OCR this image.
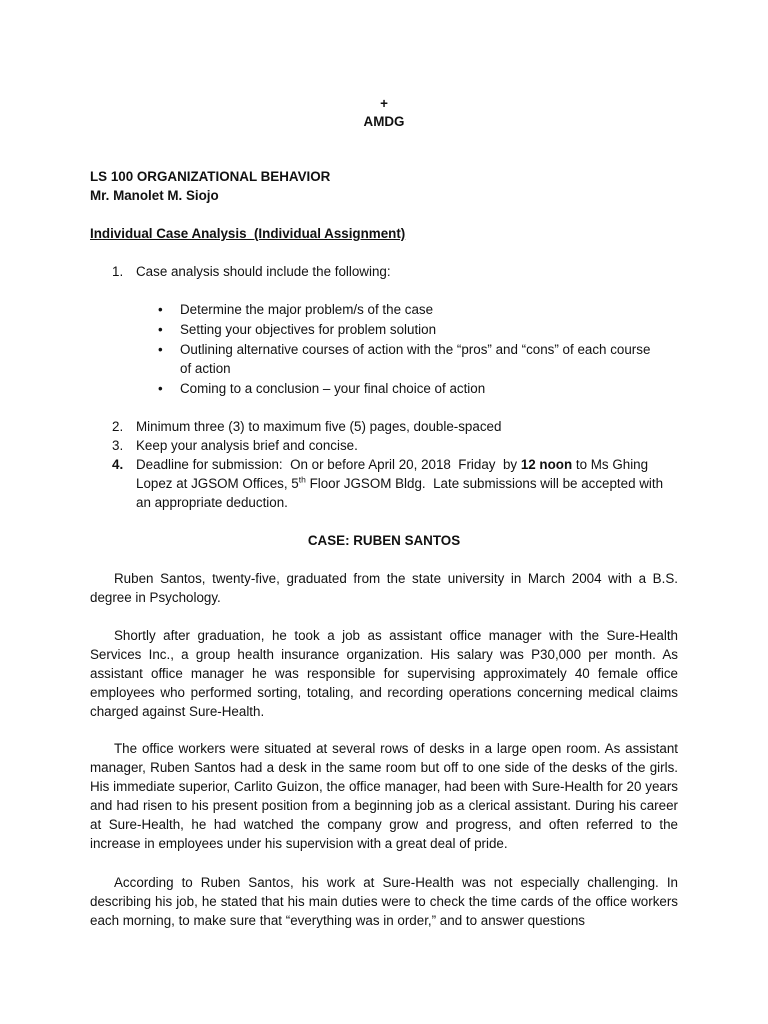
+
AMDG
LS 100 ORGANIZATIONAL BEHAVIOR
Mr. Manolet M. Siojo
Individual Case Analysis  (Individual Assignment)
1. Case analysis should include the following:
• Determine the major problem/s of the case
• Setting your objectives for problem solution
• Outlining alternative courses of action with the “pros” and “cons” of each course
of action
• Coming to a conclusion – your final choice of action
2. Minimum three (3) to maximum five (5) pages, double-spaced
3. Keep your analysis brief and concise.
4. Deadline for submission:  On or before April 20, 2018  Friday  by 12 noon to Ms Ghing
Lopez at JGSOM Offices, 5th Floor JGSOM Bldg.  Late submissions will be accepted with
an appropriate deduction.
CASE: RUBEN SANTOS
Ruben Santos, twenty-five, graduated from the state university in March 2004 with a B.S. degree in Psychology.
Shortly after graduation, he took a job as assistant office manager with the Sure-Health Services Inc., a group health insurance organization. His salary was P30,000 per month. As assistant office manager he was responsible for supervising approximately 40 female office employees who performed sorting, totaling, and recording operations concerning medical claims charged against Sure-Health.
The office workers were situated at several rows of desks in a large open room. As assistant manager, Ruben Santos had a desk in the same room but off to one side of the desks of the girls. His immediate superior, Carlito Guizon, the office manager, had been with Sure-Health for 20 years and had risen to his present position from a beginning job as a clerical assistant. During his career at Sure-Health, he had watched the company grow and progress, and often referred to the increase in employees under his supervision with a great deal of pride.
According to Ruben Santos, his work at Sure-Health was not especially challenging. In describing his job, he stated that his main duties were to check the time cards of the office workers each morning, to make sure that “everything was in order,” and to answer questions
